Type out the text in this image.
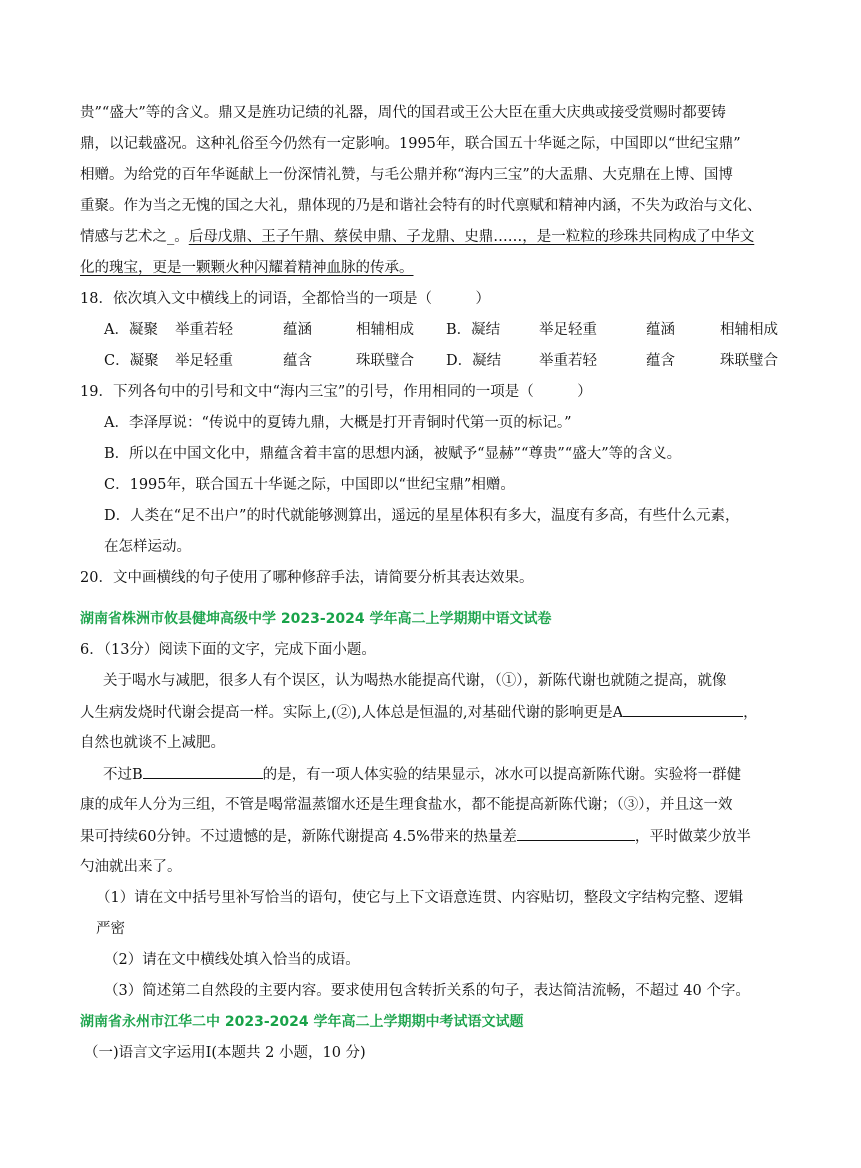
贵”“盛大”等的含义。鼎又是旌功记绩的礼器，周代的国君或王公大臣在重大庆典或接受赏赐时都要铸
鼎，以记载盛况。这种礼俗至今仍然有一定影响。1995年，联合国五十华诞之际，中国即以“世纪宝鼎”
相赠。为给党的百年华诞献上一份深情礼赞，与毛公鼎并称“海内三宝”的大盂鼎、大克鼎在上博、国博
重聚。作为当之无愧的国之大礼，鼎体现的乃是和谐社会特有的时代禀赋和精神内涵，不失为政治与文化、
情感与艺术之_。后母戊鼎、王子午鼎、蔡侯申鼎、子龙鼎、史鼎……，是一粒粒的珍珠共同构成了中华文
化的瑰宝，更是一颗颗火种闪耀着精神血脉的传承。
18．依次填入文中横线上的词语，全都恰当的一项是（　　　）
A．凝聚 举重若轻	蕴涵	相辅相成 B．凝结	举足轻重	蕴涵	相辅相成
C．凝聚 举足轻重	蕴含	珠联璧合 D．凝结	举重若轻	蕴含	珠联璧合
19．下列各句中的引号和文中“海内三宝”的引号，作用相同的一项是（　　　）
A．李泽厚说：“传说中的夏铸九鼎，大概是打开青铜时代第一页的标记。”
B．所以在中国文化中，鼎蕴含着丰富的思想内涵，被赋予“显赫”“尊贵”“盛大”等的含义。
C．1995年，联合国五十华诞之际，中国即以“世纪宝鼎”相赠。
D．人类在“足不出户”的时代就能够测算出，遥远的星星体积有多大，温度有多高，有些什么元素，
在怎样运动。
20．文中画横线的句子使用了哪种修辞手法，请简要分析其表达效果。
湖南省株洲市攸县健坤高级中学 2023-2024 学年高二上学期期中语文试卷
6．（13分）阅读下面的文字，完成下面小题。
关于喝水与减肥，很多人有个误区，认为喝热水能提高代谢，（①），新陈代谢也就随之提高，就像
人生病发烧时代谢会提高一样。实际上,(②),人体总是恒温的,对基础代谢的影响更是A	，
自然也就谈不上减肥。
不过B	的是，有一项人体实验的结果显示，冰水可以提高新陈代谢。实验将一群健
康的成年人分为三组，不管是喝常温蒸馏水还是生理食盐水，都不能提高新陈代谢；（③），并且这一效
果可持续60分钟。不过遗憾的是，新陈代谢提高 4.5%带来的热量差	，平时做菜少放半
勺油就出来了。
（1）请在文中括号里补写恰当的语句，使它与上下文语意连贯、内容贴切，整段文字结构完整、逻辑
严密
（2）请在文中横线处填入恰当的成语。
（3）简述第二自然段的主要内容。要求使用包含转折关系的句子，表达简洁流畅，不超过 40 个字。
湖南省永州市江华二中 2023-2024 学年高二上学期期中考试语文试题
（一)语言文字运用Ⅰ(本题共 2 小题，10 分)
